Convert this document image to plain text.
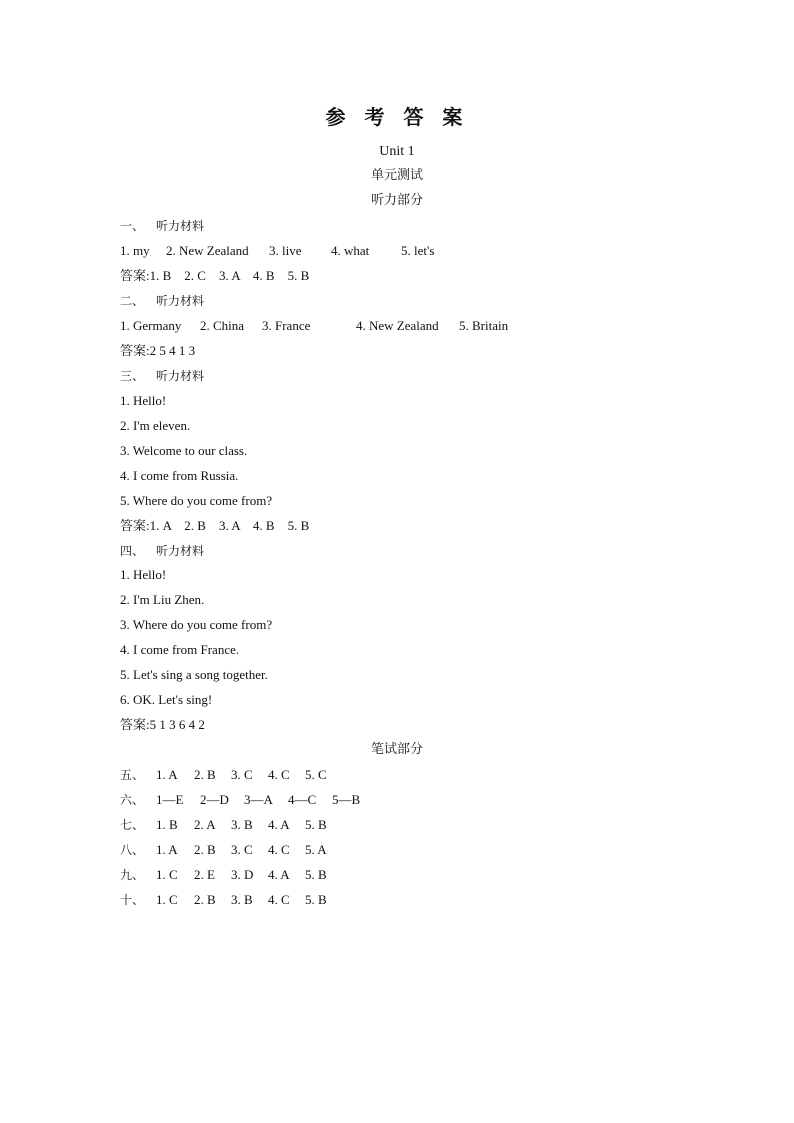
参 考 答 案
Unit 1
单元测试
听力部分
一、 听力材料
1. my 2. New Zealand 3. live 4. what 5. let's
答案:1. B    2. C    3. A    4. B    5. B
二、 听力材料
1. Germany 2. China 3. France	4. New Zealand 5. Britain
答案:2 5 4 1 3
三、 听力材料
1. Hello!
2. I'm eleven.
3. Welcome to our class.
4. I come from Russia.
5. Where do you come from?
答案:1. A    2. B    3. A    4. B    5. B
四、 听力材料
1. Hello!
2. I'm Liu Zhen.
3. Where do you come from?
4. I come from France.
5. Let's sing a song together.
6. OK. Let's sing!
答案:5 1 3 6 4 2
笔试部分
五、 1. A 2. B 3. C 4. C 5. C
六、 1—E 2—D 3—A 4—C 5—B
七、 1. B 2. A 3. B 4. A 5. B
八、 1. A 2. B 3. C 4. C 5. A
九、 1. C 2. E 3. D 4. A 5. B
十、 1. C 2. B 3. B 4. C 5. B
